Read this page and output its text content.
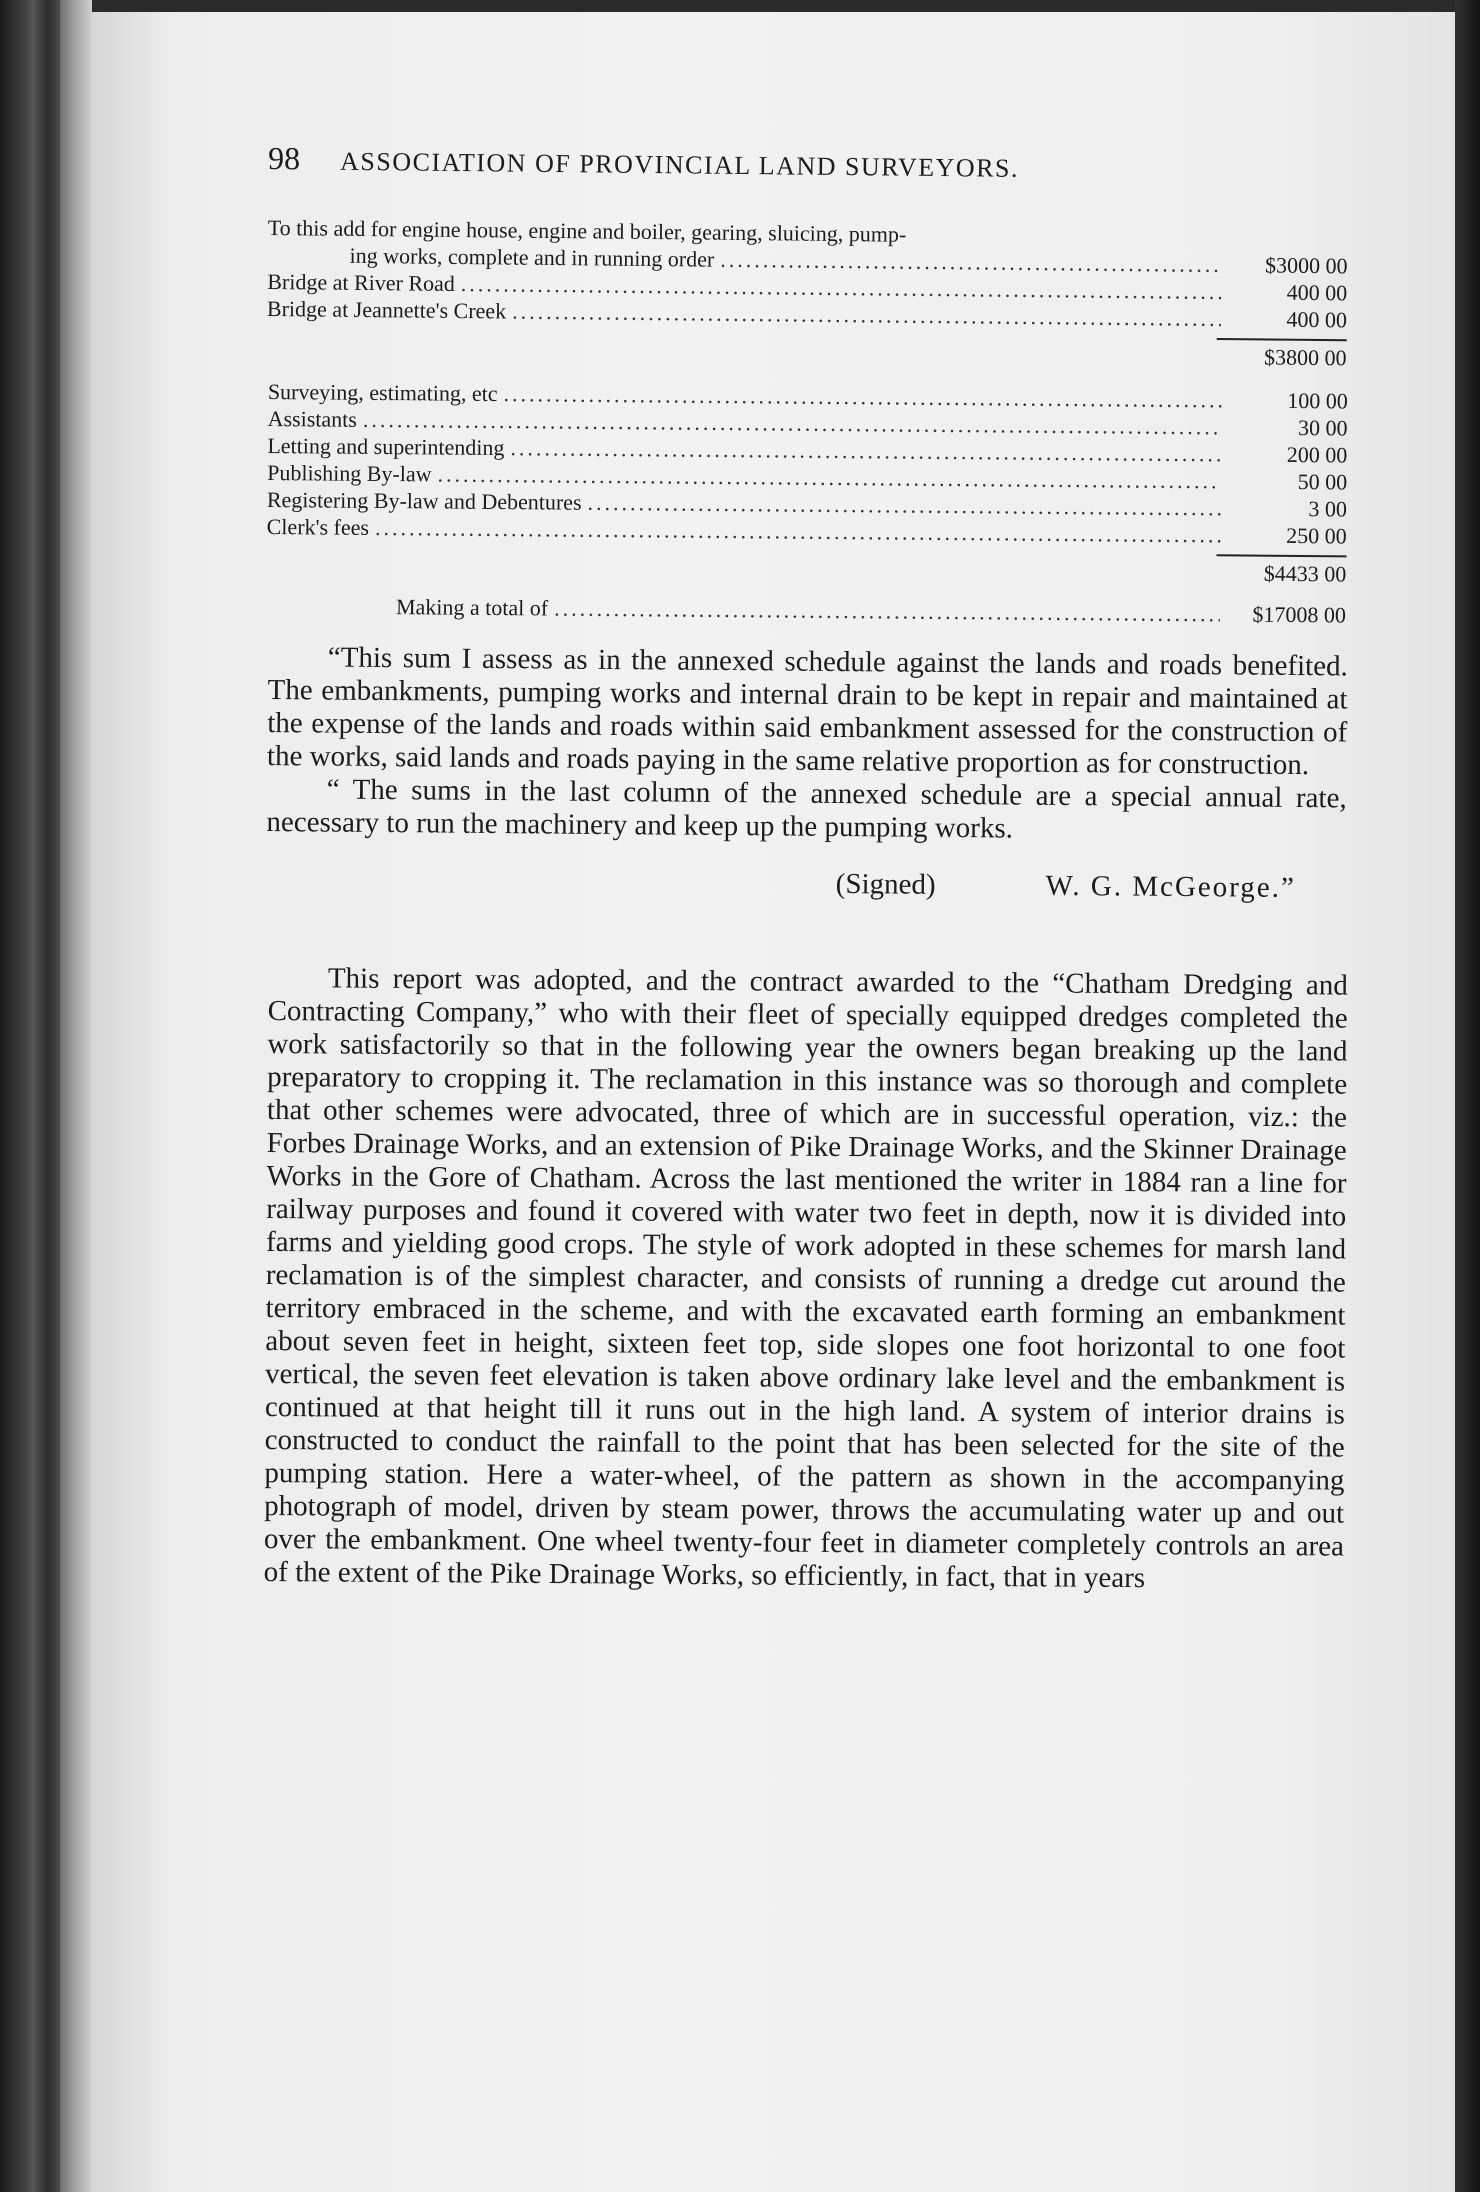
98 ASSOCIATION OF PROVINCIAL LAND SURVEYORS.
To this add for engine house, engine and boiler, gearing, sluicing, pump-
ing works, complete and in running order .....	$3000 00
Bridge at River Road .....	400 00
Bridge at Jeannette's Creek .....	400 00
$3800 00
Surveying, estimating, etc .....	100 00
Assistants .....	30 00
Letting and superintending .....	200 00
Publishing By-law .....	50 00
Registering By-law and Debentures .....	3 00
Clerk's fees .....	250 00
$4433 00
Making a total of .....	$17008 00

“This sum I assess as in the annexed schedule against the lands and roads benefited. The embankments, pumping works and internal drain to be kept in repair and maintained at the expense of the lands and roads within said embankment assessed for the construction of the works, said lands and roads paying in the same relative proportion as for construction.

“ The sums in the last column of the annexed schedule are a special annual rate, necessary to run the machinery and keep up the pumping works.

(Signed)	W. G. McGeorge.”

This report was adopted, and the contract awarded to the “Chatham Dredging and Contracting Company,” who with their fleet of specially equipped dredges completed the work satisfactorily so that in the following year the owners began breaking up the land preparatory to cropping it. The reclamation in this instance was so thorough and complete that other schemes were advocated, three of which are in successful operation, viz.: the Forbes Drainage Works, and an extension of Pike Drainage Works, and the Skinner Drainage Works in the Gore of Chatham. Across the last mentioned the writer in 1884 ran a line for railway purposes and found it covered with water two feet in depth, now it is divided into farms and yielding good crops. The style of work adopted in these schemes for marsh land reclamation is of the simplest character, and consists of running a dredge cut around the territory embraced in the scheme, and with the excavated earth forming an embankment about seven feet in height, sixteen feet top, side slopes one foot horizontal to one foot vertical, the seven feet elevation is taken above ordinary lake level and the embankment is continued at that height till it runs out in the high land. A system of interior drains is constructed to conduct the rainfall to the point that has been selected for the site of the pumping station. Here a water-wheel, of the pattern as shown in the accompanying photograph of model, driven by steam power, throws the accumulating water up and out over the embankment. One wheel twenty-four feet in diameter completely controls an area of the extent of the Pike Drainage Works, so efficiently, in fact, that in years
